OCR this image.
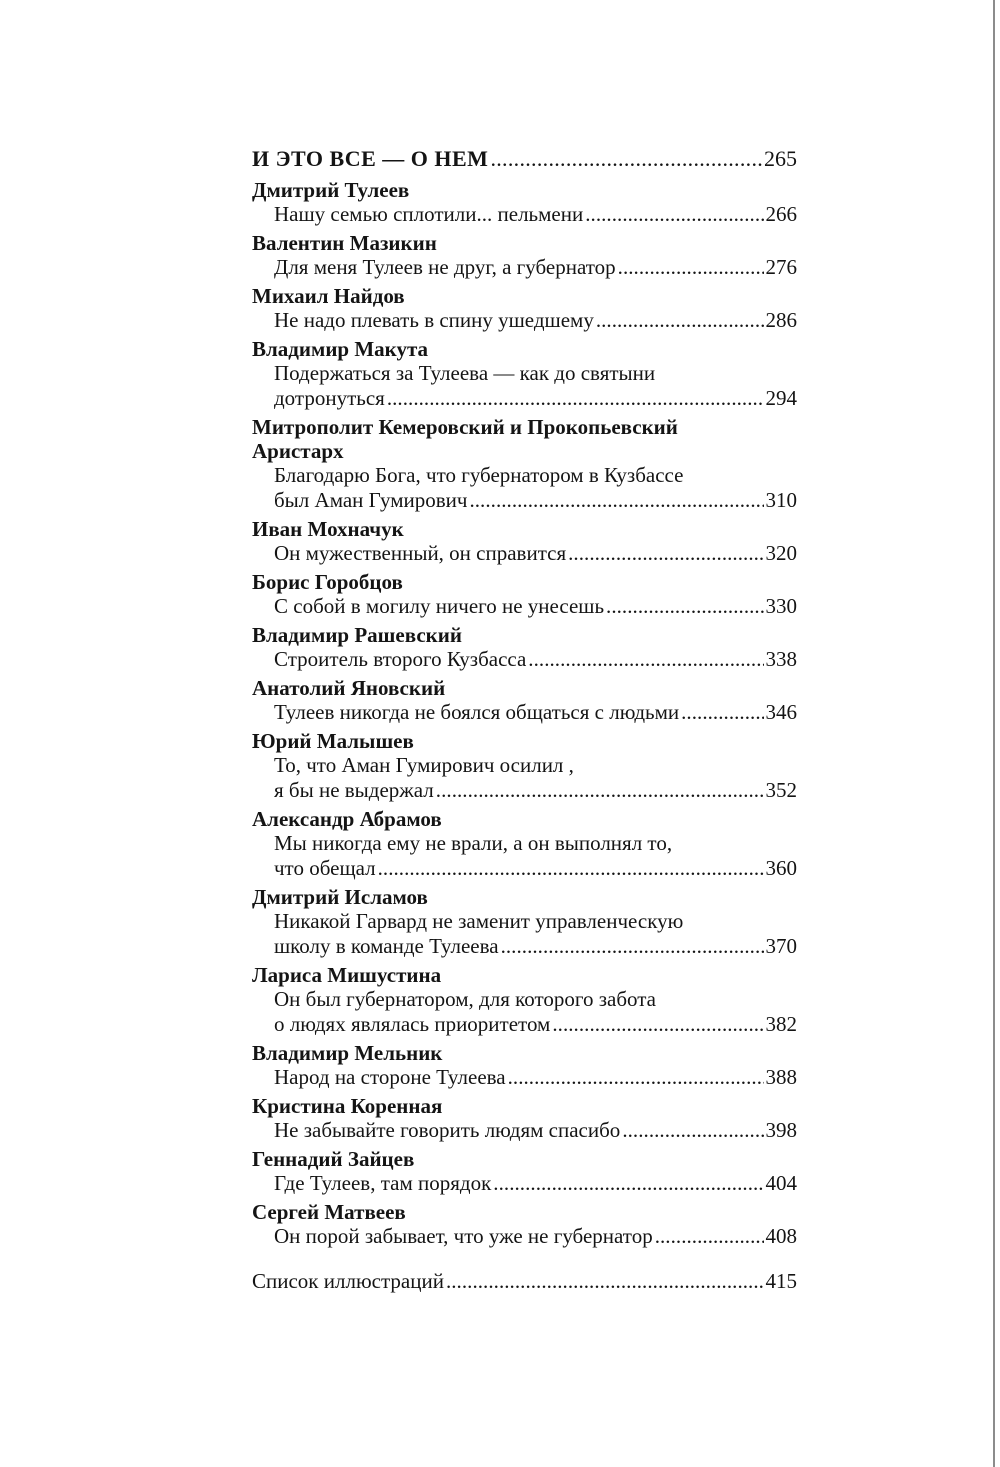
И ЭТО ВСЕ — О НЕМ . . .	265
Дмитрий Тулеев
Нашу семью сплотили... пельмени . . .	266
Валентин Мазикин
Для меня Тулеев не друг, а губернатор . . .	276
Михаил Найдов
Не надо плевать в спину ушедшему . . .	286
Владимир Макута
Подержаться за Тулеева — как до святыни
дотронуться . . .	294
Митрополит Кемеровский и Прокопьевский
Аристарх
Благодарю Бога, что губернатором в Кузбассе
был Аман Гумирович . . .	310
Иван Мохначук
Он мужественный, он справится . . .	320
Борис Горобцов
С собой в могилу ничего не унесешь . . .	330
Владимир Рашевский
Строитель второго Кузбасса . . .	338
Анатолий Яновский
Тулеев никогда не боялся общаться с людьми . . .	346
Юрий Малышев
То, что Аман Гумирович осилил ,
я бы не выдержал . . .	352
Александр Абрамов
Мы никогда ему не врали, а он выполнял то,
что обещал . . .	360
Дмитрий Исламов
Никакой Гарвард не заменит управленческую
школу в команде Тулеева . . .	370
Лариса Мишустина
Он был губернатором, для которого забота
о людях являлась приоритетом . . .	382
Владимир Мельник
Народ на стороне Тулеева . . .	388
Кристина Коренная
Не забывайте говорить людям спасибо . . .	398
Геннадий Зайцев
Где Тулеев, там порядок . . .	404
Сергей Матвеев
Он порой забывает, что уже не губернатор . . .	408
Список иллюстраций . . .	415
